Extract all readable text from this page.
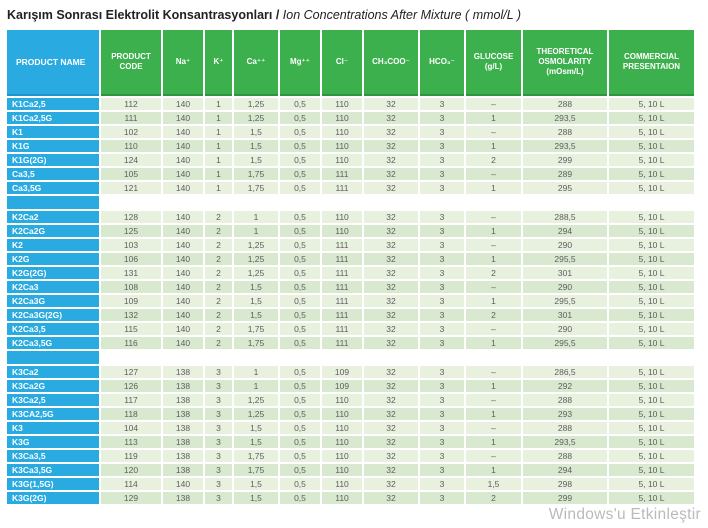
Karışım Sonrası Elektrolit Konsantrasyonları / Ion Concentrations After Mixture ( mmol/L )
PRODUCT NAME	PRODUCT CODE	Na⁺	K⁺	Ca⁺⁺	Mg⁺⁺	Cl⁻	CH₃COO⁻	HCO₃⁻	GLUCOSE (g/L)	THEORETICAL OSMOLARITY (mOsm/L)	COMMERCIAL PRESENTAION
K1Ca2,5	112	140	1	1,25	0,5	110	32	3	–	288	5, 10 L
K1Ca2,5G	111	140	1	1,25	0,5	110	32	3	1	293,5	5, 10 L
K1	102	140	1	1,5	0,5	110	32	3	–	288	5, 10 L
K1G	110	140	1	1,5	0,5	110	32	3	1	293,5	5, 10 L
K1G(2G)	124	140	1	1,5	0,5	110	32	3	2	299	5, 10 L
Ca3,5	105	140	1	1,75	0,5	111	32	3	–	289	5, 10 L
Ca3,5G	121	140	1	1,75	0,5	111	32	3	1	295	5, 10 L

K2Ca2	128	140	2	1	0,5	110	32	3	–	288,5	5, 10 L
K2Ca2G	125	140	2	1	0,5	110	32	3	1	294	5, 10 L
K2	103	140	2	1,25	0,5	111	32	3	–	290	5, 10 L
K2G	106	140	2	1,25	0,5	111	32	3	1	295,5	5, 10 L
K2G(2G)	131	140	2	1,25	0,5	111	32	3	2	301	5, 10 L
K2Ca3	108	140	2	1,5	0,5	111	32	3	–	290	5, 10 L
K2Ca3G	109	140	2	1,5	0,5	111	32	3	1	295,5	5, 10 L
K2Ca3G(2G)	132	140	2	1,5	0,5	111	32	3	2	301	5, 10 L
K2Ca3,5	115	140	2	1,75	0,5	111	32	3	–	290	5, 10 L
K2Ca3,5G	116	140	2	1,75	0,5	111	32	3	1	295,5	5, 10 L

K3Ca2	127	138	3	1	0,5	109	32	3	–	286,5	5, 10 L
K3Ca2G	126	138	3	1	0,5	109	32	3	1	292	5, 10 L
K3Ca2,5	117	138	3	1,25	0,5	110	32	3	–	288	5, 10 L
K3CA2,5G	118	138	3	1,25	0,5	110	32	3	1	293	5, 10 L
K3	104	138	3	1,5	0,5	110	32	3	–	288	5, 10 L
K3G	113	138	3	1,5	0,5	110	32	3	1	293,5	5, 10 L
K3Ca3,5	119	138	3	1,75	0,5	110	32	3	–	288	5, 10 L
K3Ca3,5G	120	138	3	1,75	0,5	110	32	3	1	294	5, 10 L
K3G(1,5G)	114	140	3	1,5	0,5	110	32	3	1,5	298	5, 10 L
K3G(2G)	129	138	3	1,5	0,5	110	32	3	2	299	5, 10 L
Windows'u Etkinleştir
